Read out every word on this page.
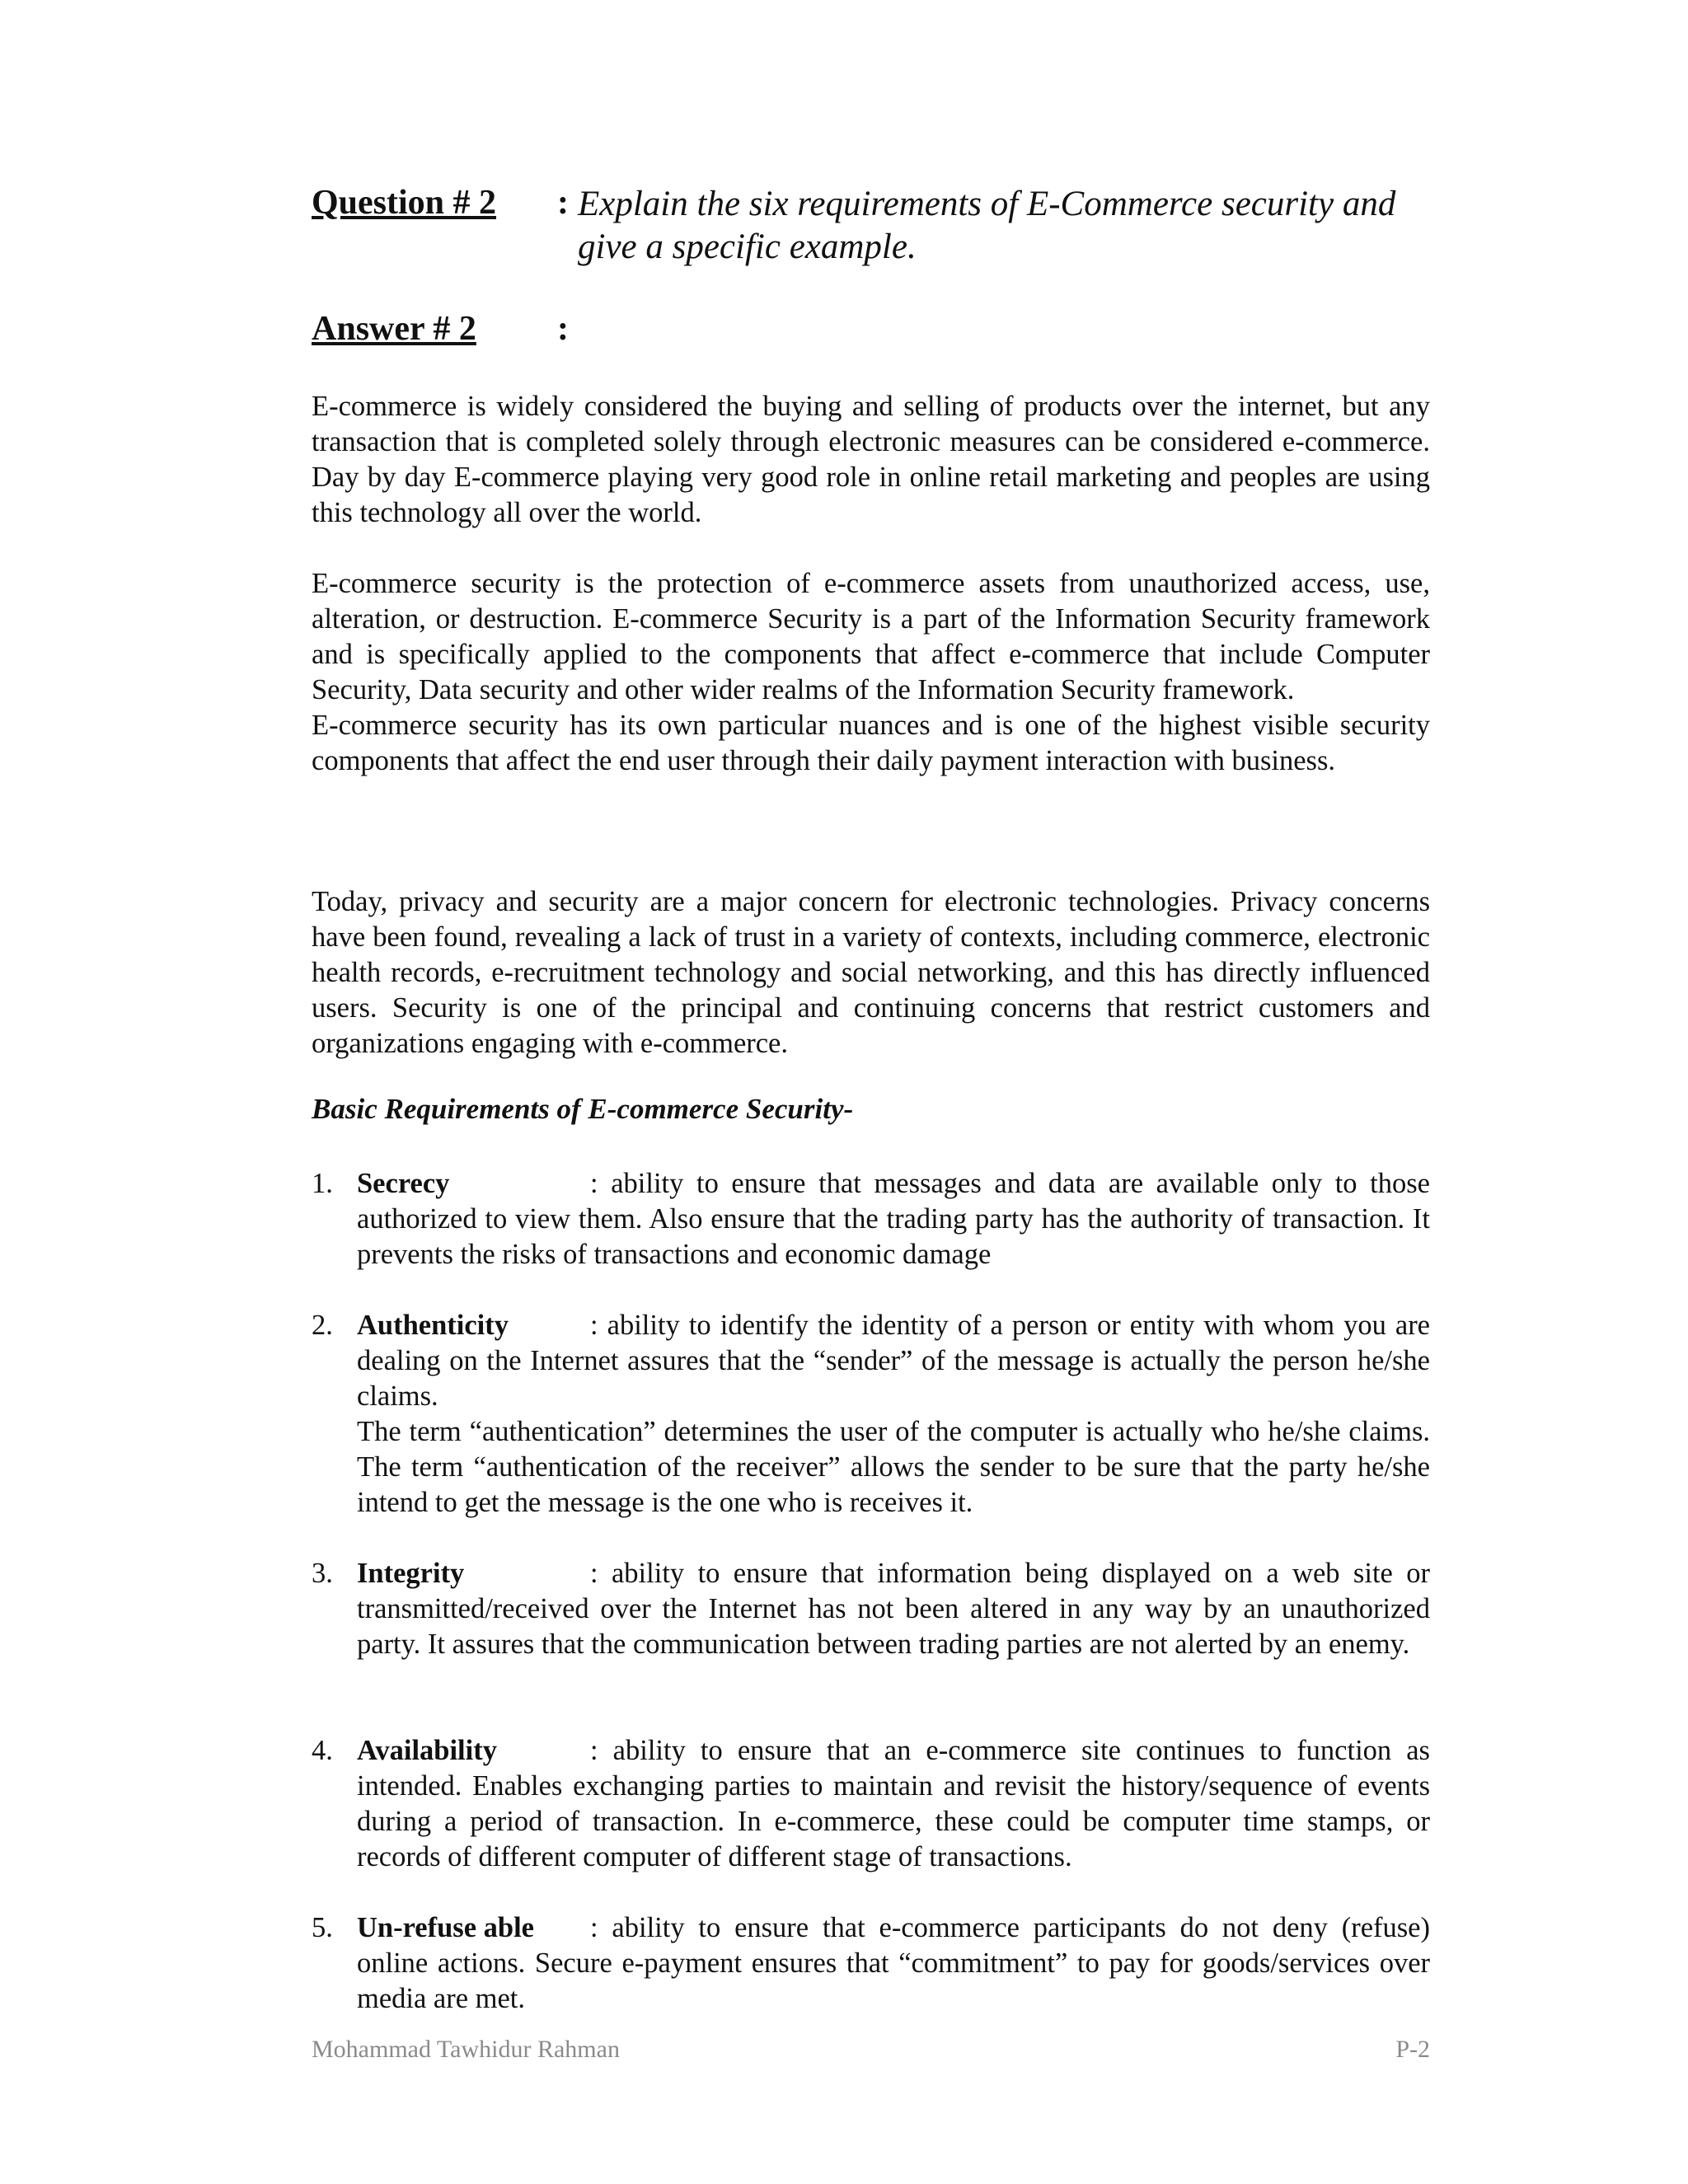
Question # 2 : Explain the six requirements of E-Commerce security and give a specific example.
Answer # 2 :

E-commerce is widely considered the buying and selling of products over the internet, but any transaction that is completed solely through electronic measures can be considered e-commerce. Day by day E-commerce playing very good role in online retail marketing and peoples are using this technology all over the world.

E-commerce security is the protection of e-commerce assets from unauthorized access, use, alteration, or destruction. E-commerce Security is a part of the Information Security framework and is specifically applied to the components that affect e-commerce that include Computer Security, Data security and other wider realms of the Information Security framework.

E-commerce security has its own particular nuances and is one of the highest visible security components that affect the end user through their daily payment interaction with business.

Today, privacy and security are a major concern for electronic technologies. Privacy concerns have been found, revealing a lack of trust in a variety of contexts, including commerce, electronic health records, e-recruitment technology and social networking, and this has directly influenced users. Security is one of the principal and continuing concerns that restrict customers and organizations engaging with e-commerce.

Basic Requirements of E-commerce Security-
1. Secrecy	: ability to ensure that messages and data are available only to those authorized to view them. Also ensure that the trading party has the authority of transaction. It prevents the risks of transactions and economic damage

2. Authenticity	: ability to identify the identity of a person or entity with whom you are dealing on the Internet assures that the “sender” of the message is actually the person he/she claims.

The term “authentication” determines the user of the computer is actually who he/she claims. The term “authentication of the receiver” allows the sender to be sure that the party he/she intend to get the message is the one who is receives it.

3. Integrity	: ability to ensure that information being displayed on a web site or transmitted/received over the Internet has not been altered in any way by an unauthorized party. It assures that the communication between trading parties are not alerted by an enemy.

4. Availability	: ability to ensure that an e-commerce site continues to function as intended. Enables exchanging parties to maintain and revisit the history/sequence of events during a period of transaction. In e-commerce, these could be computer time stamps, or records of different computer of different stage of transactions.

5. Un-refuse able : ability to ensure that e-commerce participants do not deny (refuse) online actions. Secure e-payment ensures that “commitment” to pay for goods/services over media are met.

Mohammad Tawhidur Rahman	P-2
